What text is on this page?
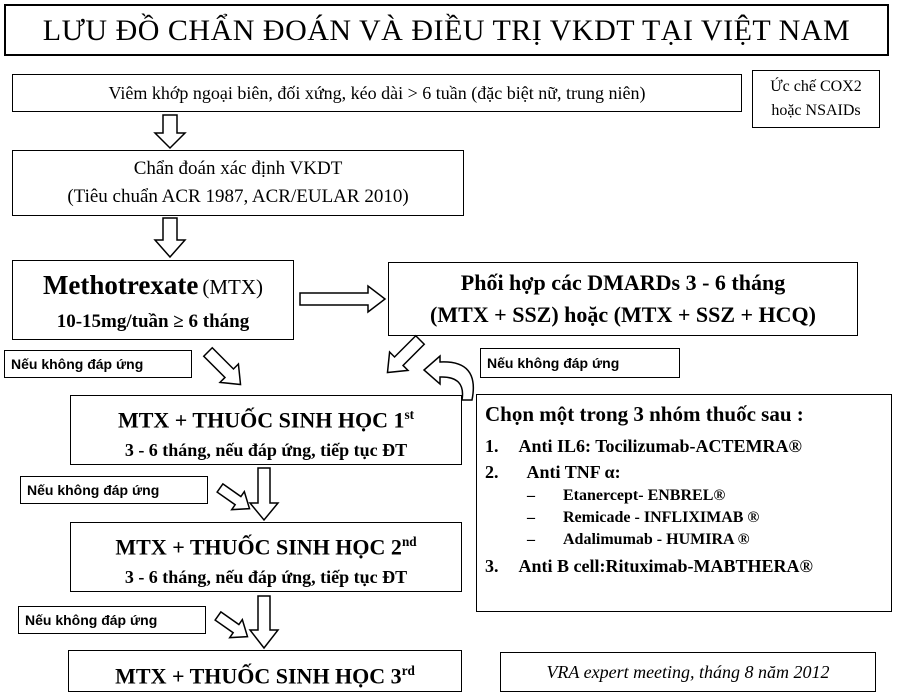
LƯU ĐỒ CHẨN ĐOÁN VÀ ĐIỀU TRỊ VKDT TẠI VIỆT NAM
Viêm khớp ngoại biên, đối xứng, kéo dài > 6 tuần (đặc biệt nữ, trung niên)	Ức chế COX2
hoặc NSAIDs
Chẩn đoán xác định VKDT
(Tiêu chuẩn ACR 1987, ACR/EULAR 2010)
Methotrexate (MTX)
10-15mg/tuần ≥ 6 tháng
Phối hợp các DMARDs 3 - 6 tháng
(MTX + SSZ) hoặc (MTX + SSZ + HCQ)
Nếu không đáp ứng	Nếu không đáp ứng
Nếu không đáp ứng
Nếu không đáp ứng
MTX + THUỐC SINH HỌC 1st
3 - 6 tháng, nếu đáp ứng, tiếp tục ĐT
MTX + THUỐC SINH HỌC 2nd
3 - 6 tháng, nếu đáp ứng, tiếp tục ĐT
MTX + THUỐC SINH HỌC 3rd
Chọn một trong 3 nhóm thuốc sau :
1. Anti IL6: Tocilizumab-ACTEMRA®
2. Anti TNF α:
– Etanercept- ENBREL®
– Remicade - INFLIXIMAB ®
– Adalimumab - HUMIRA ®
3. Anti B cell:Rituximab-MABTHERA®
VRA expert meeting, tháng 8 năm 2012
